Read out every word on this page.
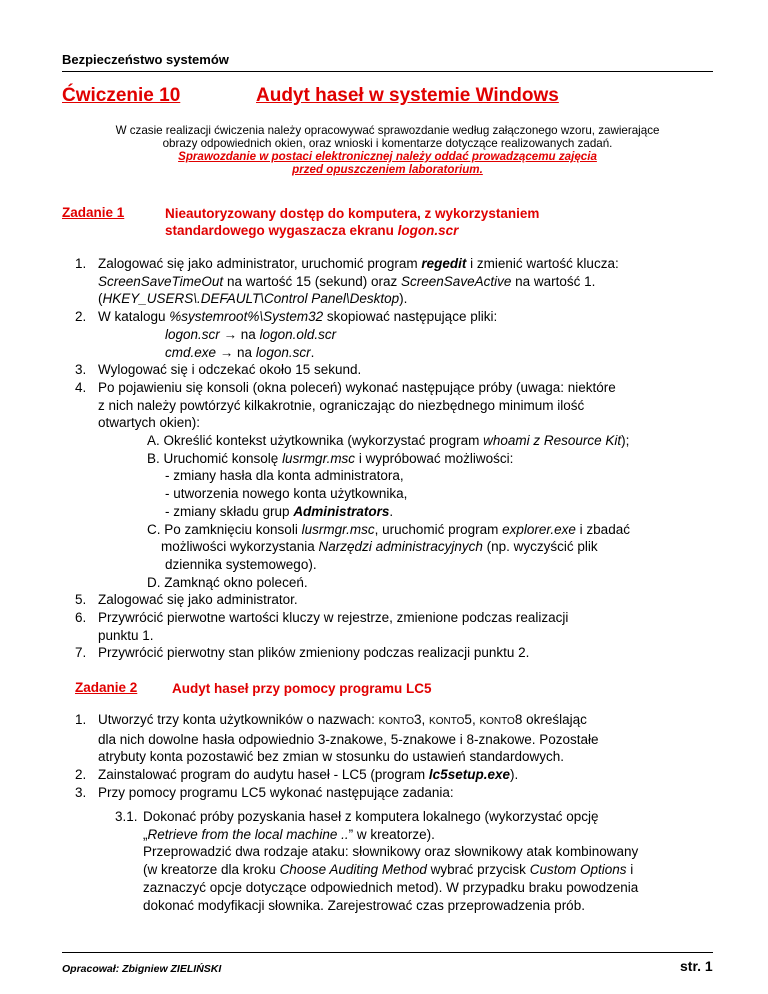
Bezpieczeństwo systemów
Ćwiczenie 10	Audyt haseł w systemie Windows
W czasie realizacji ćwiczenia należy opracowywać sprawozdanie według załączonego wzoru, zawierające
obrazy odpowiednich okien, oraz wnioski i komentarze dotyczące realizowanych zadań.
Sprawozdanie w postaci elektronicznej należy oddać prowadzącemu zajęcia
przed opuszczeniem laboratorium.
Zadanie 1	Nieautoryzowany dostęp do komputera, z wykorzystaniem
standardowego wygaszacza ekranu logon.scr
1. Zalogować się jako administrator, uruchomić program regedit i zmienić wartość klucza:
ScreenSaveTimeOut na wartość 15 (sekund) oraz ScreenSaveActive na wartość 1.
(HKEY_USERS\.DEFAULT\Control Panel\Desktop).
2. W katalogu %systemroot%\System32 skopiować następujące pliki:
logon.scr → na logon.old.scr
cmd.exe → na logon.scr.
3. Wylogować się i odczekać około 15 sekund.
4. Po pojawieniu się konsoli (okna poleceń) wykonać następujące próby (uwaga: niektóre
z nich należy powtórzyć kilkakrotnie, ograniczając do niezbędnego minimum ilość
otwartych okien):
A. Określić kontekst użytkownika (wykorzystać program whoami z Resource Kit);
B. Uruchomić konsolę lusrmgr.msc i wypróbować możliwości:
- zmiany hasła dla konta administratora,
- utworzenia nowego konta użytkownika,
- zmiany składu grup Administrators.
C. Po zamknięciu konsoli lusrmgr.msc, uruchomić program explorer.exe i zbadać
możliwości wykorzystania Narzędzi administracyjnych (np. wyczyścić plik
dziennika systemowego).
D. Zamknąć okno poleceń.
5. Zalogować się jako administrator.
6. Przywrócić pierwotne wartości kluczy w rejestrze, zmienione podczas realizacji
punktu 1.
7. Przywrócić pierwotny stan plików zmieniony podczas realizacji punktu 2.
Zadanie 2	Audyt haseł przy pomocy programu LC5
1. Utworzyć trzy konta użytkowników o nazwach: KONTO3, KONTO5, KONTO8 określając
dla nich dowolne hasła odpowiednio 3-znakowe, 5-znakowe i 8-znakowe. Pozostałe
atrybuty konta pozostawić bez zmian w stosunku do ustawień standardowych.
2. Zainstalować program do audytu haseł - LC5 (program lc5setup.exe).
3. Przy pomocy programu LC5 wykonać następujące zadania:
3.1. Dokonać próby pozyskania haseł z komputera lokalnego (wykorzystać opcję
„Retrieve from the local machine ..” w kreatorze).
Przeprowadzić dwa rodzaje ataku: słownikowy oraz słownikowy atak kombinowany
(w kreatorze dla kroku Choose Auditing Method wybrać przycisk Custom Options i
zaznaczyć opcje dotyczące odpowiednich metod). W przypadku braku powodzenia
dokonać modyfikacji słownika. Zarejestrować czas przeprowadzenia prób.
Opracował: Zbigniew ZIELIŃSKI	str. 1
